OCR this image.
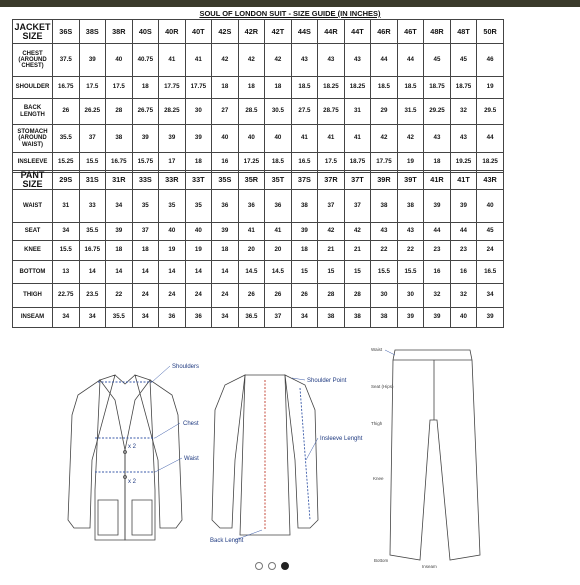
SOUL OF LONDON SUIT - SIZE GUIDE (IN INCHES)
JACKET SIZE	36S	38S	38R	40S	40R	40T	42S	42R	42T	44S	44R	44T	46R	46T	48R	48T	50R
CHEST (AROUND CHEST)	37.5	39	40	40.75	41	41	42	42	42	43	43	43	44	44	45	45	46
SHOULDER	16.75	17.5	17.5	18	17.75	17.75	18	18	18	18.5	18.25	18.25	18.5	18.5	18.75	18.75	19
BACK LENGTH	26	26.25	28	26.75	28.25	30	27	28.5	30.5	27.5	28.75	31	29	31.5	29.25	32	29.5
STOMACH (AROUND WAIST)	35.5	37	38	39	39	39	40	40	40	41	41	41	42	42	43	43	44
INSLEEVE	15.25	15.5	16.75	15.75	17	18	16	17.25	18.5	16.5	17.5	18.75	17.75	19	18	19.25	18.25
PANT SIZE	29S	31S	31R	33S	33R	33T	35S	35R	35T	37S	37R	37T	39R	39T	41R	41T	43R
WAIST	31	33	34	35	35	35	36	36	36	38	37	37	38	38	39	39	40
SEAT	34	35.5	39	37	40	40	39	41	41	39	42	42	43	43	44	44	45
KNEE	15.5	16.75	18	18	19	19	18	20	20	18	21	21	22	22	23	23	24
BOTTOM	13	14	14	14	14	14	14	14.5	14.5	15	15	15	15.5	15.5	16	16	16.5
THIGH	22.75	23.5	22	24	24	24	24	26	26	26	28	28	30	30	32	32	34
INSEAM	34	34	35.5	34	36	36	34	36.5	37	34	38	38	38	39	39	40	39
Shoulders
Chest
Waist
x 2
x 2
Shoulder Point
Insleeve Lenght
Back Lenght
Waist
Seat (Hips)
Thigh
Knee
Bottom
Inseam
